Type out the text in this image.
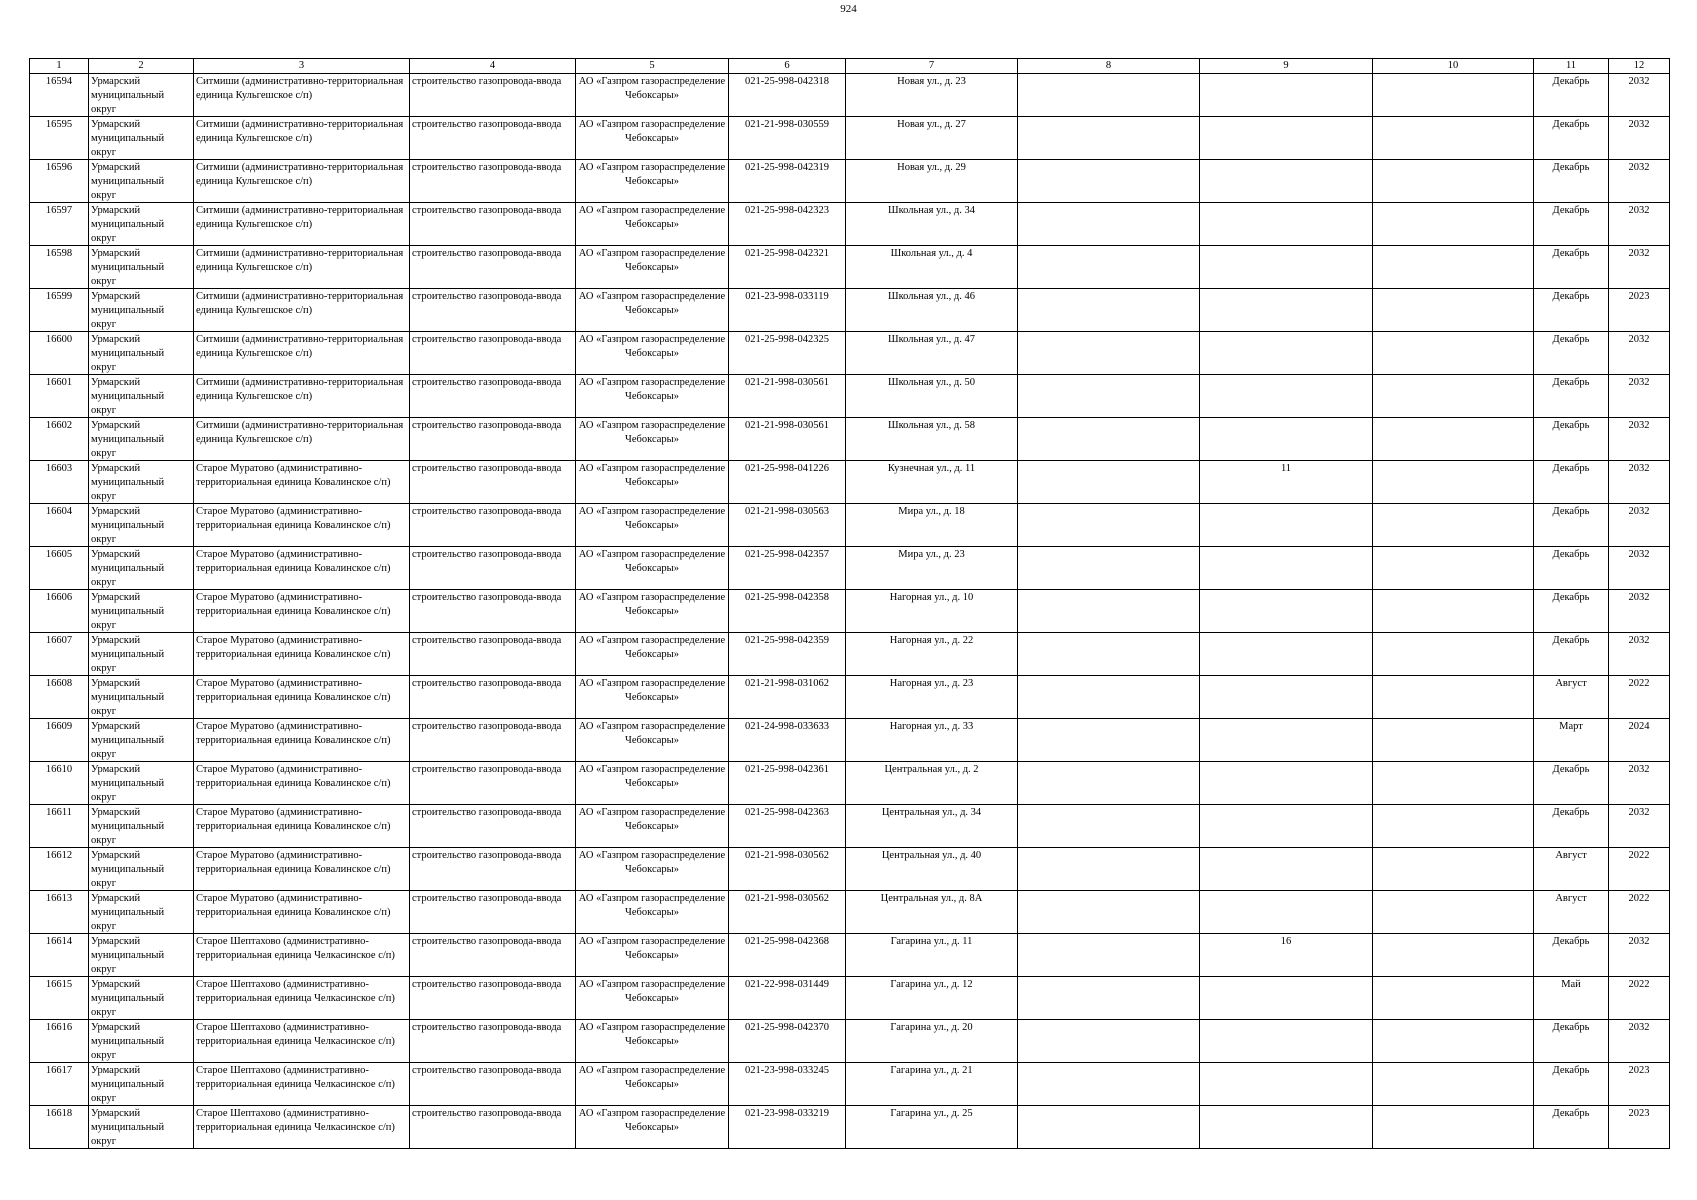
924
1	2	3	4	5	6	7	8	9	10	11	12

16594	Урмарский муниципальный округ	Ситмиши (административно-территориальная единица Кульгешское с/п)	строительство газопровода-ввода	АО «Газпром газораспределение Чебоксары»	021-25-998-042318	Новая ул., д. 23				Декабрь	2032

16595	Урмарский муниципальный округ	Ситмиши (административно-территориальная единица Кульгешское с/п)	строительство газопровода-ввода	АО «Газпром газораспределение Чебоксары»	021-21-998-030559	Новая ул., д. 27				Декабрь	2032

16596	Урмарский муниципальный округ	Ситмиши (административно-территориальная единица Кульгешское с/п)	строительство газопровода-ввода	АО «Газпром газораспределение Чебоксары»	021-25-998-042319	Новая ул., д. 29				Декабрь	2032

16597	Урмарский муниципальный округ	Ситмиши (административно-территориальная единица Кульгешское с/п)	строительство газопровода-ввода	АО «Газпром газораспределение Чебоксары»	021-25-998-042323	Школьная ул., д. 34				Декабрь	2032

16598	Урмарский муниципальный округ	Ситмиши (административно-территориальная единица Кульгешское с/п)	строительство газопровода-ввода	АО «Газпром газораспределение Чебоксары»	021-25-998-042321	Школьная ул., д. 4				Декабрь	2032

16599	Урмарский муниципальный округ	Ситмиши (административно-территориальная единица Кульгешское с/п)	строительство газопровода-ввода	АО «Газпром газораспределение Чебоксары»	021-23-998-033119	Школьная ул., д. 46				Декабрь	2023

16600	Урмарский муниципальный округ	Ситмиши (административно-территориальная единица Кульгешское с/п)	строительство газопровода-ввода	АО «Газпром газораспределение Чебоксары»	021-25-998-042325	Школьная ул., д. 47				Декабрь	2032

16601	Урмарский муниципальный округ	Ситмиши (административно-территориальная единица Кульгешское с/п)	строительство газопровода-ввода	АО «Газпром газораспределение Чебоксары»	021-21-998-030561	Школьная ул., д. 50				Декабрь	2032

16602	Урмарский муниципальный округ	Ситмиши (административно-территориальная единица Кульгешское с/п)	строительство газопровода-ввода	АО «Газпром газораспределение Чебоксары»	021-21-998-030561	Школьная ул., д. 58				Декабрь	2032

16603	Урмарский муниципальный округ	Старое Муратово (административно-территориальная единица Ковалинское с/п)	строительство газопровода-ввода	АО «Газпром газораспределение Чебоксары»	021-25-998-041226	Кузнечная ул., д. 11		11		Декабрь	2032

16604	Урмарский муниципальный округ	Старое Муратово (административно-территориальная единица Ковалинское с/п)	строительство газопровода-ввода	АО «Газпром газораспределение Чебоксары»	021-21-998-030563	Мира ул., д. 18				Декабрь	2032

16605	Урмарский муниципальный округ	Старое Муратово (административно-территориальная единица Ковалинское с/п)	строительство газопровода-ввода	АО «Газпром газораспределение Чебоксары»	021-25-998-042357	Мира ул., д. 23				Декабрь	2032

16606	Урмарский муниципальный округ	Старое Муратово (административно-территориальная единица Ковалинское с/п)	строительство газопровода-ввода	АО «Газпром газораспределение Чебоксары»	021-25-998-042358	Нагорная ул., д. 10				Декабрь	2032

16607	Урмарский муниципальный округ	Старое Муратово (административно-территориальная единица Ковалинское с/п)	строительство газопровода-ввода	АО «Газпром газораспределение Чебоксары»	021-25-998-042359	Нагорная ул., д. 22				Декабрь	2032

16608	Урмарский муниципальный округ	Старое Муратово (административно-территориальная единица Ковалинское с/п)	строительство газопровода-ввода	АО «Газпром газораспределение Чебоксары»	021-21-998-031062	Нагорная ул., д. 23				Август	2022

16609	Урмарский муниципальный округ	Старое Муратово (административно-территориальная единица Ковалинское с/п)	строительство газопровода-ввода	АО «Газпром газораспределение Чебоксары»	021-24-998-033633	Нагорная ул., д. 33				Март	2024

16610	Урмарский муниципальный округ	Старое Муратово (административно-территориальная единица Ковалинское с/п)	строительство газопровода-ввода	АО «Газпром газораспределение Чебоксары»	021-25-998-042361	Центральная ул., д. 2				Декабрь	2032

16611	Урмарский муниципальный округ	Старое Муратово (административно-территориальная единица Ковалинское с/п)	строительство газопровода-ввода	АО «Газпром газораспределение Чебоксары»	021-25-998-042363	Центральная ул., д. 34				Декабрь	2032

16612	Урмарский муниципальный округ	Старое Муратово (административно-территориальная единица Ковалинское с/п)	строительство газопровода-ввода	АО «Газпром газораспределение Чебоксары»	021-21-998-030562	Центральная ул., д. 40				Август	2022

16613	Урмарский муниципальный округ	Старое Муратово (административно-территориальная единица Ковалинское с/п)	строительство газопровода-ввода	АО «Газпром газораспределение Чебоксары»	021-21-998-030562	Центральная ул., д. 8А				Август	2022

16614	Урмарский муниципальный округ	Старое Шептахово (административно-территориальная единица Челкасинское с/п)	строительство газопровода-ввода	АО «Газпром газораспределение Чебоксары»	021-25-998-042368	Гагарина ул., д. 11		16		Декабрь	2032

16615	Урмарский муниципальный округ	Старое Шептахово (административно-территориальная единица Челкасинское с/п)	строительство газопровода-ввода	АО «Газпром газораспределение Чебоксары»	021-22-998-031449	Гагарина ул., д. 12				Май	2022

16616	Урмарский муниципальный округ	Старое Шептахово (административно-территориальная единица Челкасинское с/п)	строительство газопровода-ввода	АО «Газпром газораспределение Чебоксары»	021-25-998-042370	Гагарина ул., д. 20				Декабрь	2032

16617	Урмарский муниципальный округ	Старое Шептахово (административно-территориальная единица Челкасинское с/п)	строительство газопровода-ввода	АО «Газпром газораспределение Чебоксары»	021-23-998-033245	Гагарина ул., д. 21				Декабрь	2023

16618	Урмарский муниципальный округ	Старое Шептахово (административно-территориальная единица Челкасинское с/п)	строительство газопровода-ввода	АО «Газпром газораспределение Чебоксары»	021-23-998-033219	Гагарина ул., д. 25				Декабрь	2023
